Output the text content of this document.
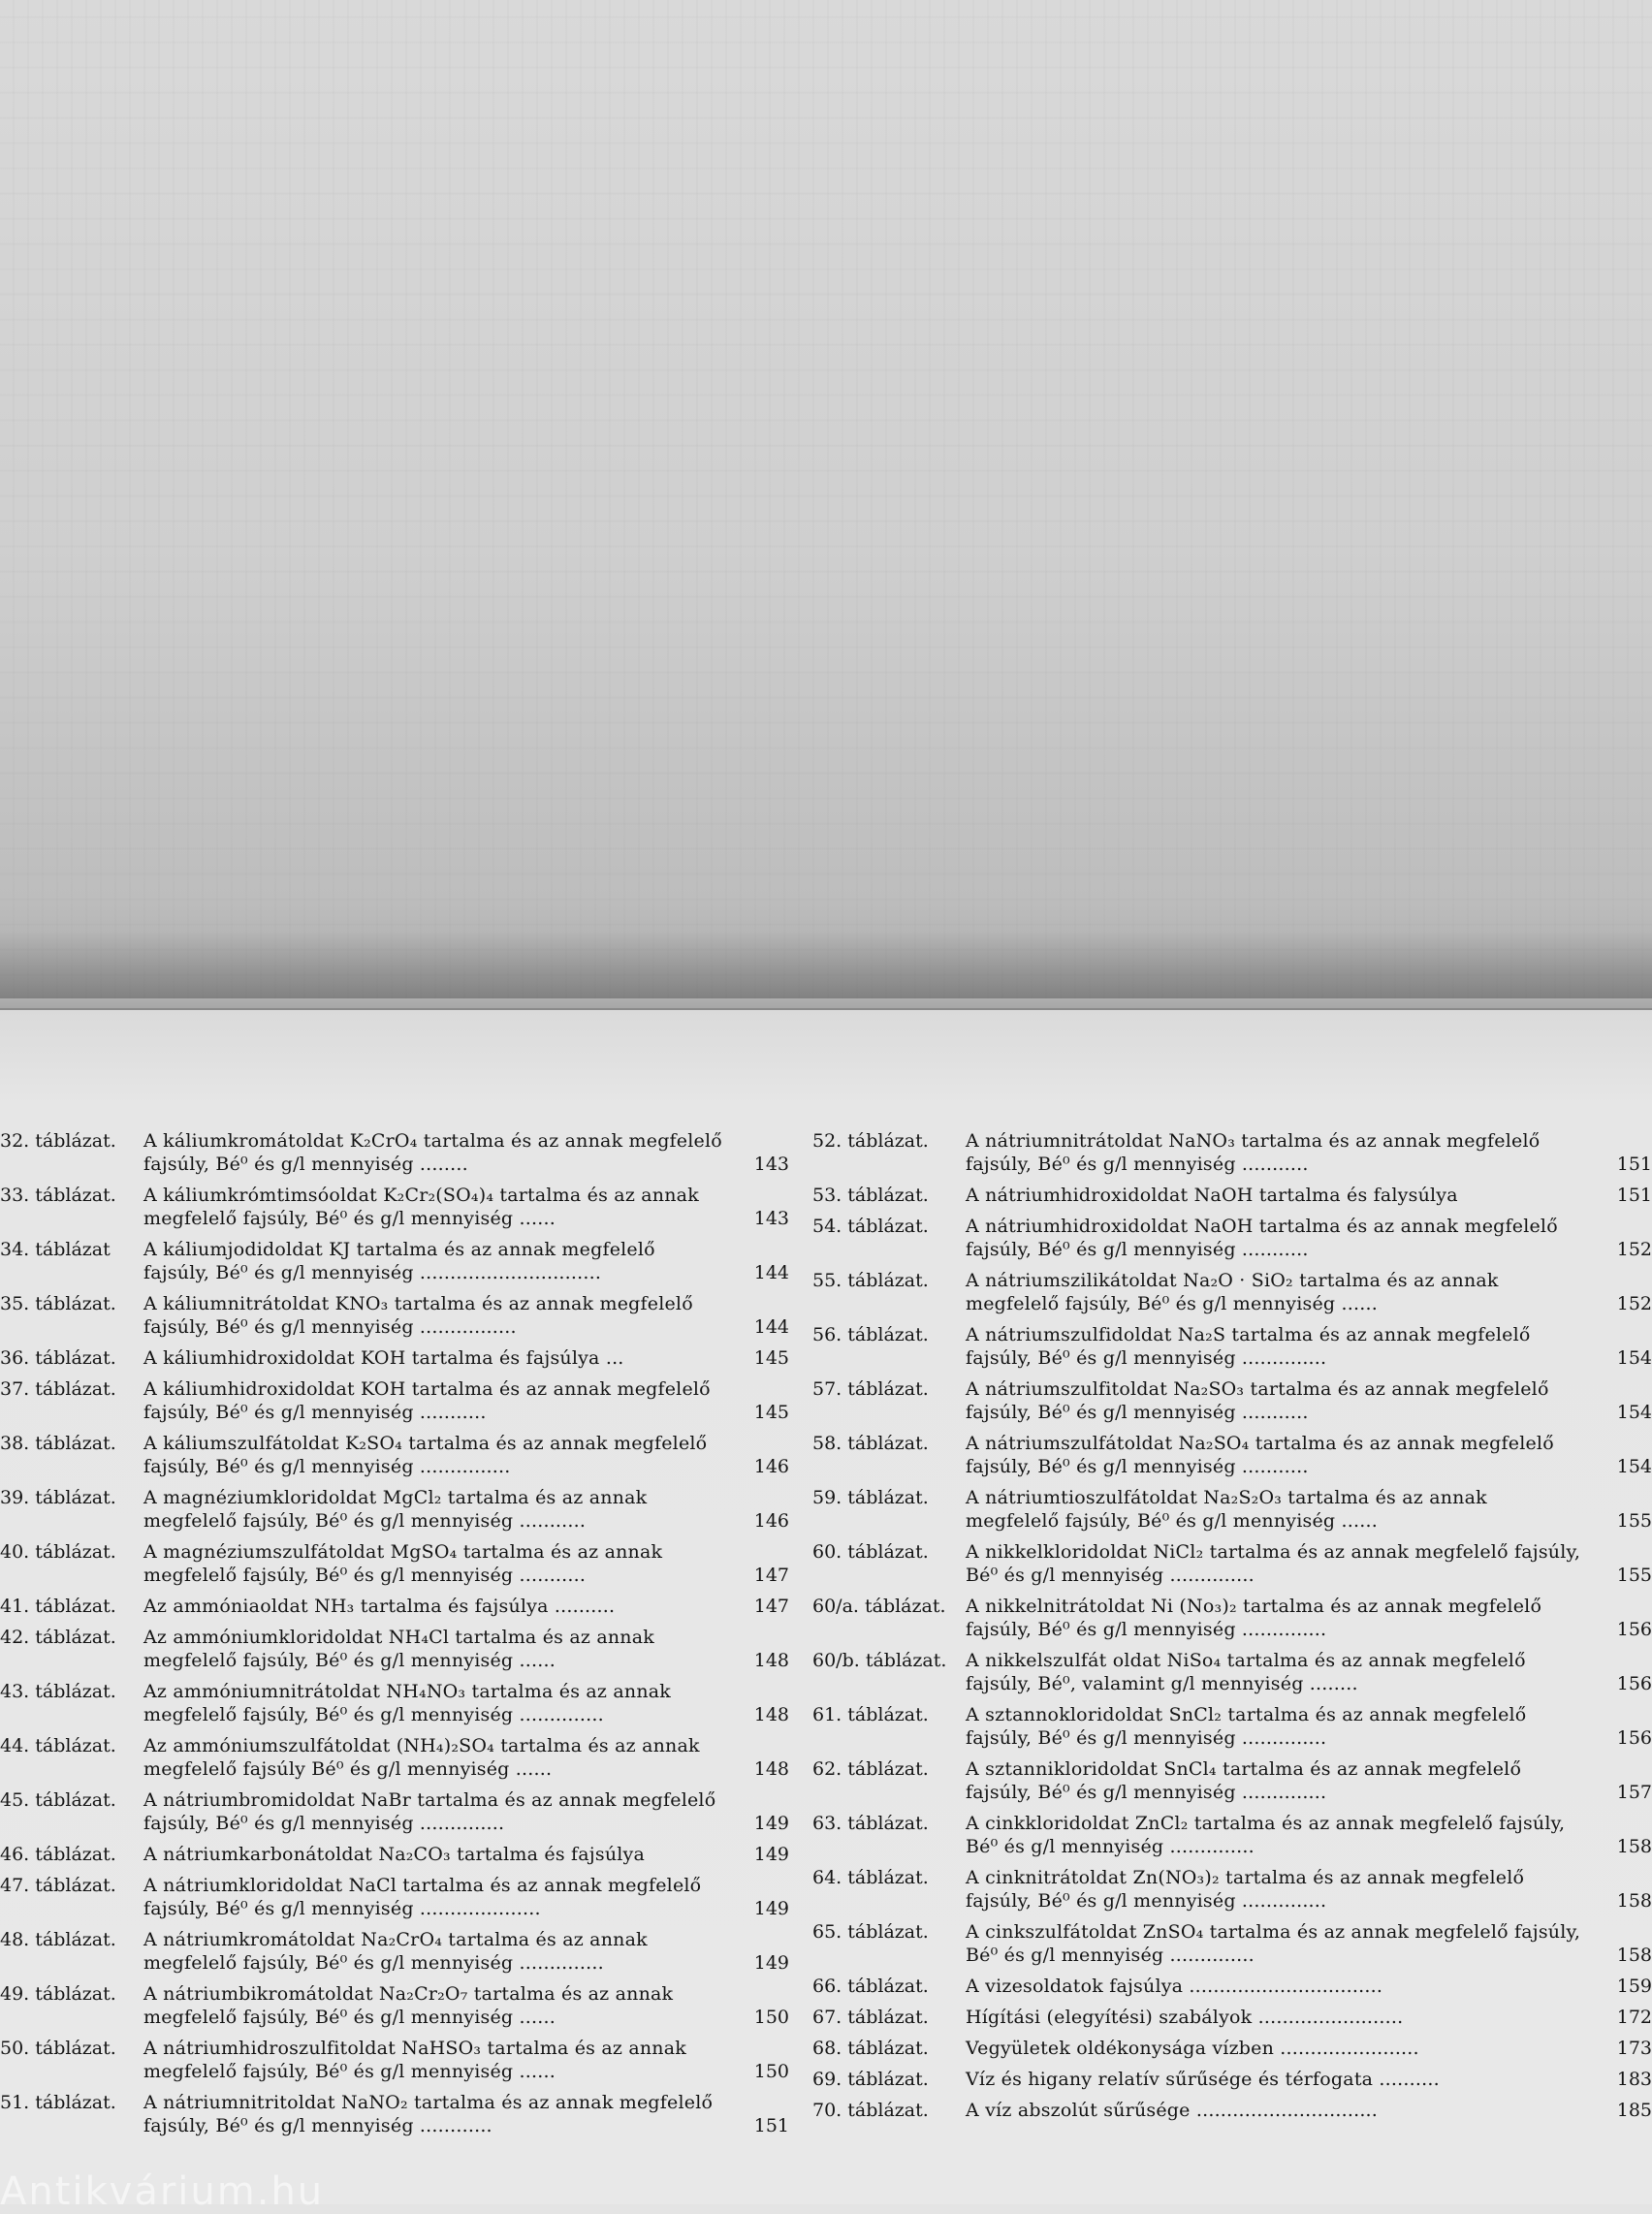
32. táblázat. A káliumkromátoldat K₂CrO₄ tartalma és az annak megfelelő fajsúly, Bé⁰ és g/l mennyiség ........	143
33. táblázat. A káliumkrómtimsóoldat K₂Cr₂(SO₄)₄ tartalma és az annak megfelelő fajsúly, Bé⁰ és g/l mennyiség ......	143
34. táblázat A káliumjodidoldat KJ tartalma és az annak megfelelő fajsúly, Bé⁰ és g/l mennyiség ..............................	144
35. táblázat. A káliumnitrátoldat KNO₃ tartalma és az annak megfelelő fajsúly, Bé⁰ és g/l mennyiség ................	144
36. táblázat. A káliumhidroxidoldat KOH tartalma és fajsúlya ...	145
37. táblázat. A káliumhidroxidoldat KOH tartalma és az annak megfelelő fajsúly, Bé⁰ és g/l mennyiség ...........	145
38. táblázat. A káliumszulfátoldat K₂SO₄ tartalma és az annak megfelelő fajsúly, Bé⁰ és g/l mennyiség ...............	146
39. táblázat. A magnéziumkloridoldat MgCl₂ tartalma és az annak megfelelő fajsúly, Bé⁰ és g/l mennyiség ...........	146
40. táblázat. A magnéziumszulfátoldat MgSO₄ tartalma és az annak megfelelő fajsúly, Bé⁰ és g/l mennyiség ...........	147
41. táblázat. Az ammóniaoldat NH₃ tartalma és fajsúlya ..........	147
42. táblázat. Az ammóniumkloridoldat NH₄Cl tartalma és az annak megfelelő fajsúly, Bé⁰ és g/l mennyiség ......	148
43. táblázat. Az ammóniumnitrátoldat NH₄NO₃ tartalma és az annak megfelelő fajsúly, Bé⁰ és g/l mennyiség ..............	148
44. táblázat. Az ammóniumszulfátoldat (NH₄)₂SO₄ tartalma és az annak megfelelő fajsúly Bé⁰ és g/l mennyiség ......	148
45. táblázat. A nátriumbromidoldat NaBr tartalma és az annak megfelelő fajsúly, Bé⁰ és g/l mennyiség ..............	149
46. táblázat. A nátriumkarbonátoldat Na₂CO₃ tartalma és fajsúlya	149
47. táblázat. A nátriumkloridoldat NaCl tartalma és az annak megfelelő fajsúly, Bé⁰ és g/l mennyiség ....................	149
48. táblázat. A nátriumkromátoldat Na₂CrO₄ tartalma és az annak megfelelő fajsúly, Bé⁰ és g/l mennyiség ..............	149
49. táblázat. A nátriumbikromátoldat Na₂Cr₂O₇ tartalma és az annak megfelelő fajsúly, Bé⁰ és g/l mennyiség ......	150
50. táblázat. A nátriumhidroszulfitoldat NaHSO₃ tartalma és az annak megfelelő fajsúly, Bé⁰ és g/l mennyiség ......	150
51. táblázat. A nátriumnitritoldat NaNO₂ tartalma és az annak megfelelő fajsúly, Bé⁰ és g/l mennyiség ............	151
52. táblázat. A nátriumnitrátoldat NaNO₃ tartalma és az annak megfelelő fajsúly, Bé⁰ és g/l mennyiség ...........	151
53. táblázat. A nátriumhidroxidoldat NaOH tartalma és falysúlya	151
54. táblázat. A nátriumhidroxidoldat NaOH tartalma és az annak megfelelő fajsúly, Bé⁰ és g/l mennyiség ...........	152
55. táblázat. A nátriumszilikátoldat Na₂O · SiO₂ tartalma és az annak megfelelő fajsúly, Bé⁰ és g/l mennyiség ......	152
56. táblázat. A nátriumszulfidoldat Na₂S tartalma és az annak megfelelő fajsúly, Bé⁰ és g/l mennyiség ..............	154
57. táblázat. A nátriumszulfitoldat Na₂SO₃ tartalma és az annak megfelelő fajsúly, Bé⁰ és g/l mennyiség ...........	154
58. táblázat. A nátriumszulfátoldat Na₂SO₄ tartalma és az annak megfelelő fajsúly, Bé⁰ és g/l mennyiség ...........	154
59. táblázat. A nátriumtioszulfátoldat Na₂S₂O₃ tartalma és az annak megfelelő fajsúly, Bé⁰ és g/l mennyiség ......	155
60. táblázat. A nikkelkloridoldat NiCl₂ tartalma és az annak megfelelő fajsúly, Bé⁰ és g/l mennyiség ..............	155
60/a. táblázat. A nikkelnitrátoldat Ni (No₃)₂ tartalma és az annak megfelelő fajsúly, Bé⁰ és g/l mennyiség ..............	156
60/b. táblázat. A nikkelszulfát oldat NiSo₄ tartalma és az annak megfelelő fajsúly, Bé⁰, valamint g/l mennyiség ........	156
61. táblázat. A sztannokloridoldat SnCl₂ tartalma és az annak megfelelő fajsúly, Bé⁰ és g/l mennyiség ..............	156
62. táblázat. A sztannikloridoldat SnCl₄ tartalma és az annak megfelelő fajsúly, Bé⁰ és g/l mennyiség ..............	157
63. táblázat. A cinkkloridoldat ZnCl₂ tartalma és az annak megfelelő fajsúly, Bé⁰ és g/l mennyiség ..............	158
64. táblázat. A cinknitrátoldat Zn(NO₃)₂ tartalma és az annak megfelelő fajsúly, Bé⁰ és g/l mennyiség ..............	158
65. táblázat. A cinkszulfátoldat ZnSO₄ tartalma és az annak megfelelő fajsúly, Bé⁰ és g/l mennyiség ..............	158
66. táblázat. A vizesoldatok fajsúlya ................................	159
67. táblázat. Hígítási (elegyítési) szabályok ........................	172
68. táblázat. Vegyületek oldékonysága vízben .......................	173
69. táblázat. Víz és higany relatív sűrűsége és térfogata ..........	183
70. táblázat. A víz abszolút sűrűsége ..............................	185
Antikvárium.hu
